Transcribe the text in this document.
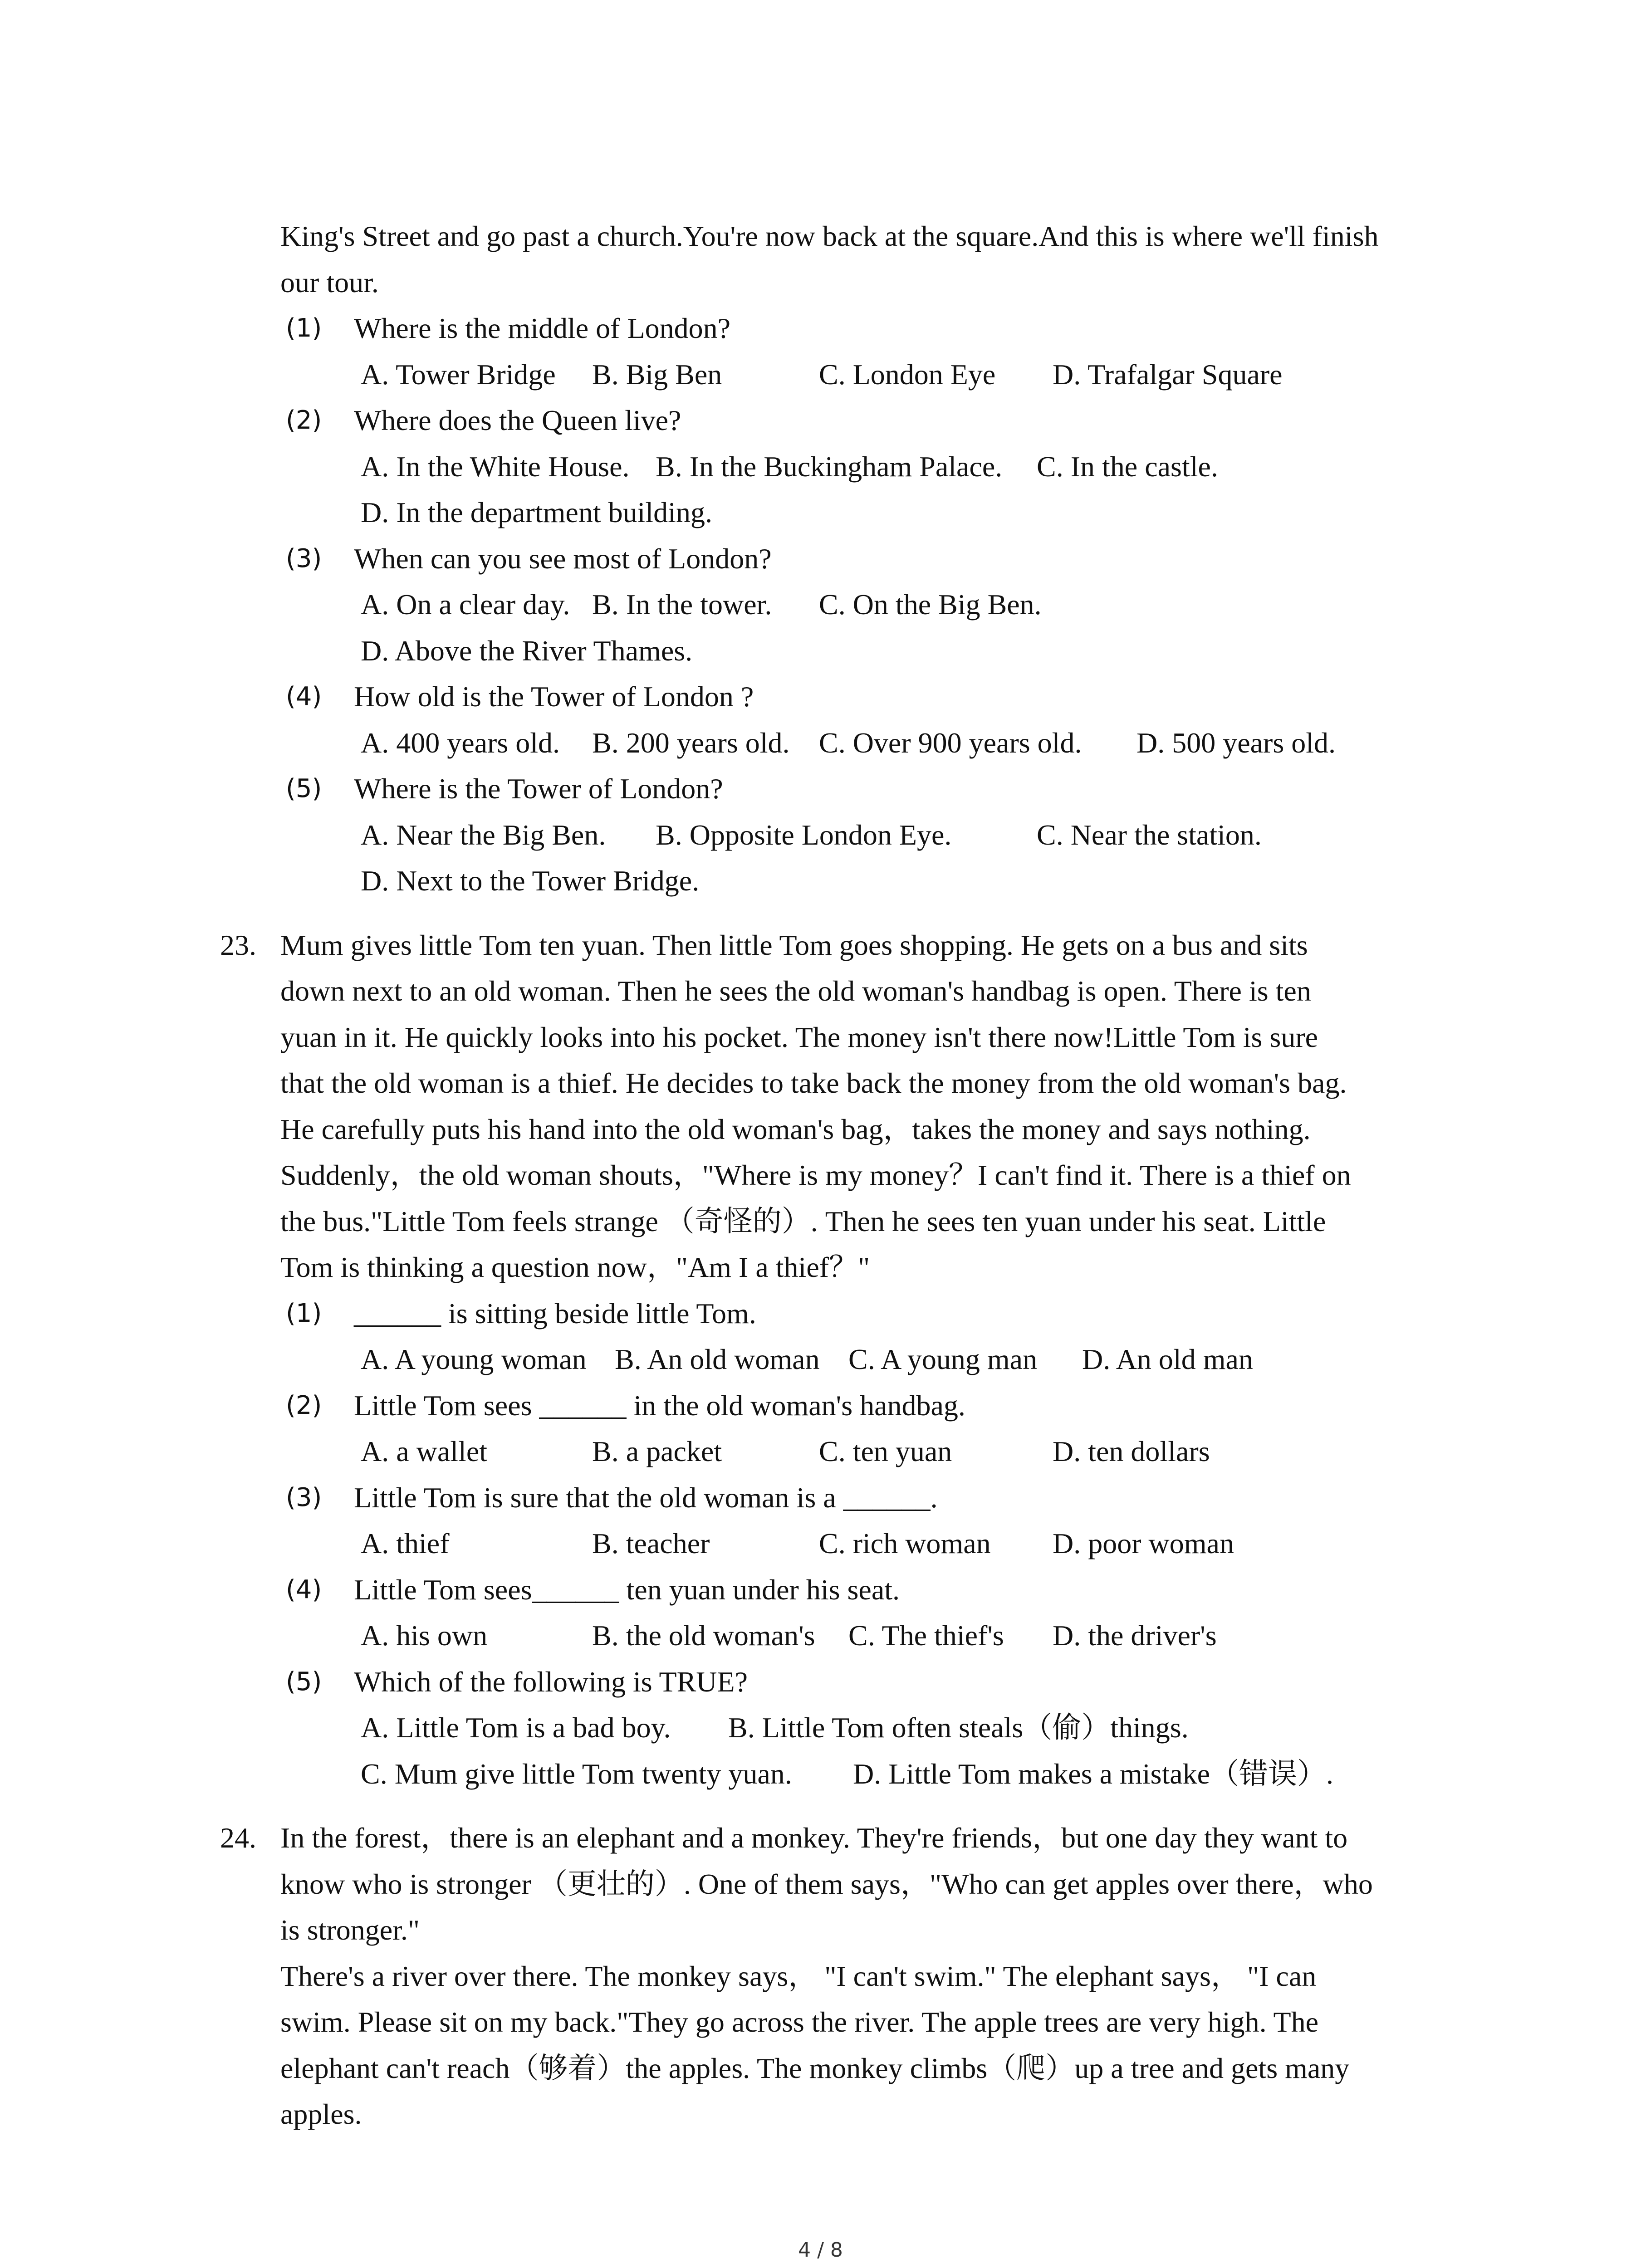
King's Street and go past a church.You're now back at the square.And this is where we'll finish
our tour.
(1)	Where is the middle of London?
A. Tower Bridge B. Big Ben	C. London Eye D. Trafalgar Square
(2)	Where does the Queen live?
A. In the White House. B. In the Buckingham Palace. C. In the castle.
D. In the department building.
(3)	When can you see most of London?
A. On a clear day. B. In the tower. C. On the Big Ben.
D. Above the River Thames.
(4)	How old is the Tower of London ?
A. 400 years old. B. 200 years old. C. Over 900 years old. D. 500 years old.
(5)	Where is the Tower of London?
A. Near the Big Ben. B. Opposite London Eye.	C. Near the station.
D. Next to the Tower Bridge.
23. Mum gives little Tom ten yuan. Then little Tom goes shopping. He gets on a bus and sits
down next to an old woman. Then he sees the old woman's handbag is open. There is ten
yuan in it. He quickly looks into his pocket. The money isn't there now!Little Tom is sure
that the old woman is a thief. He decides to take back the money from the old woman's bag.
He carefully puts his hand into the old woman's bag，takes the money and says nothing.
Suddenly，the old woman shouts，"Where is my money？I can't find it. There is a thief on
the bus."Little Tom feels strange （奇怪的）. Then he sees ten yuan under his seat. Little
Tom is thinking a question now，"Am I a thief？"
(1)	______ is sitting beside little Tom.
A. A young woman B. An old woman C. A young man D. An old man
(2)	Little Tom sees ______ in the old woman's handbag.
A. a wallet	B. a packet	C. ten yuan	D. ten dollars
(3)	Little Tom is sure that the old woman is a ______.
A. thief	B. teacher	C. rich woman D. poor woman
(4)	Little Tom sees______ ten yuan under his seat.
A. his own	B. the old woman's C. The thief's D. the driver's
(5)	Which of the following is TRUE?
A. Little Tom is a bad boy. B. Little Tom often steals（偷）things.
C. Mum give little Tom twenty yuan. D. Little Tom makes a mistake（错误）.
24. In the forest，there is an elephant and a monkey. They're friends，but one day they want to
know who is stronger （更壮的）. One of them says，"Who can get apples over there，who
is stronger."
There's a river over there. The monkey says， "I can't swim." The elephant says， "I can
swim. Please sit on my back."They go across the river. The apple trees are very high. The
elephant can't reach（够着）the apples. The monkey climbs（爬）up a tree and gets many
apples.
4 / 8
